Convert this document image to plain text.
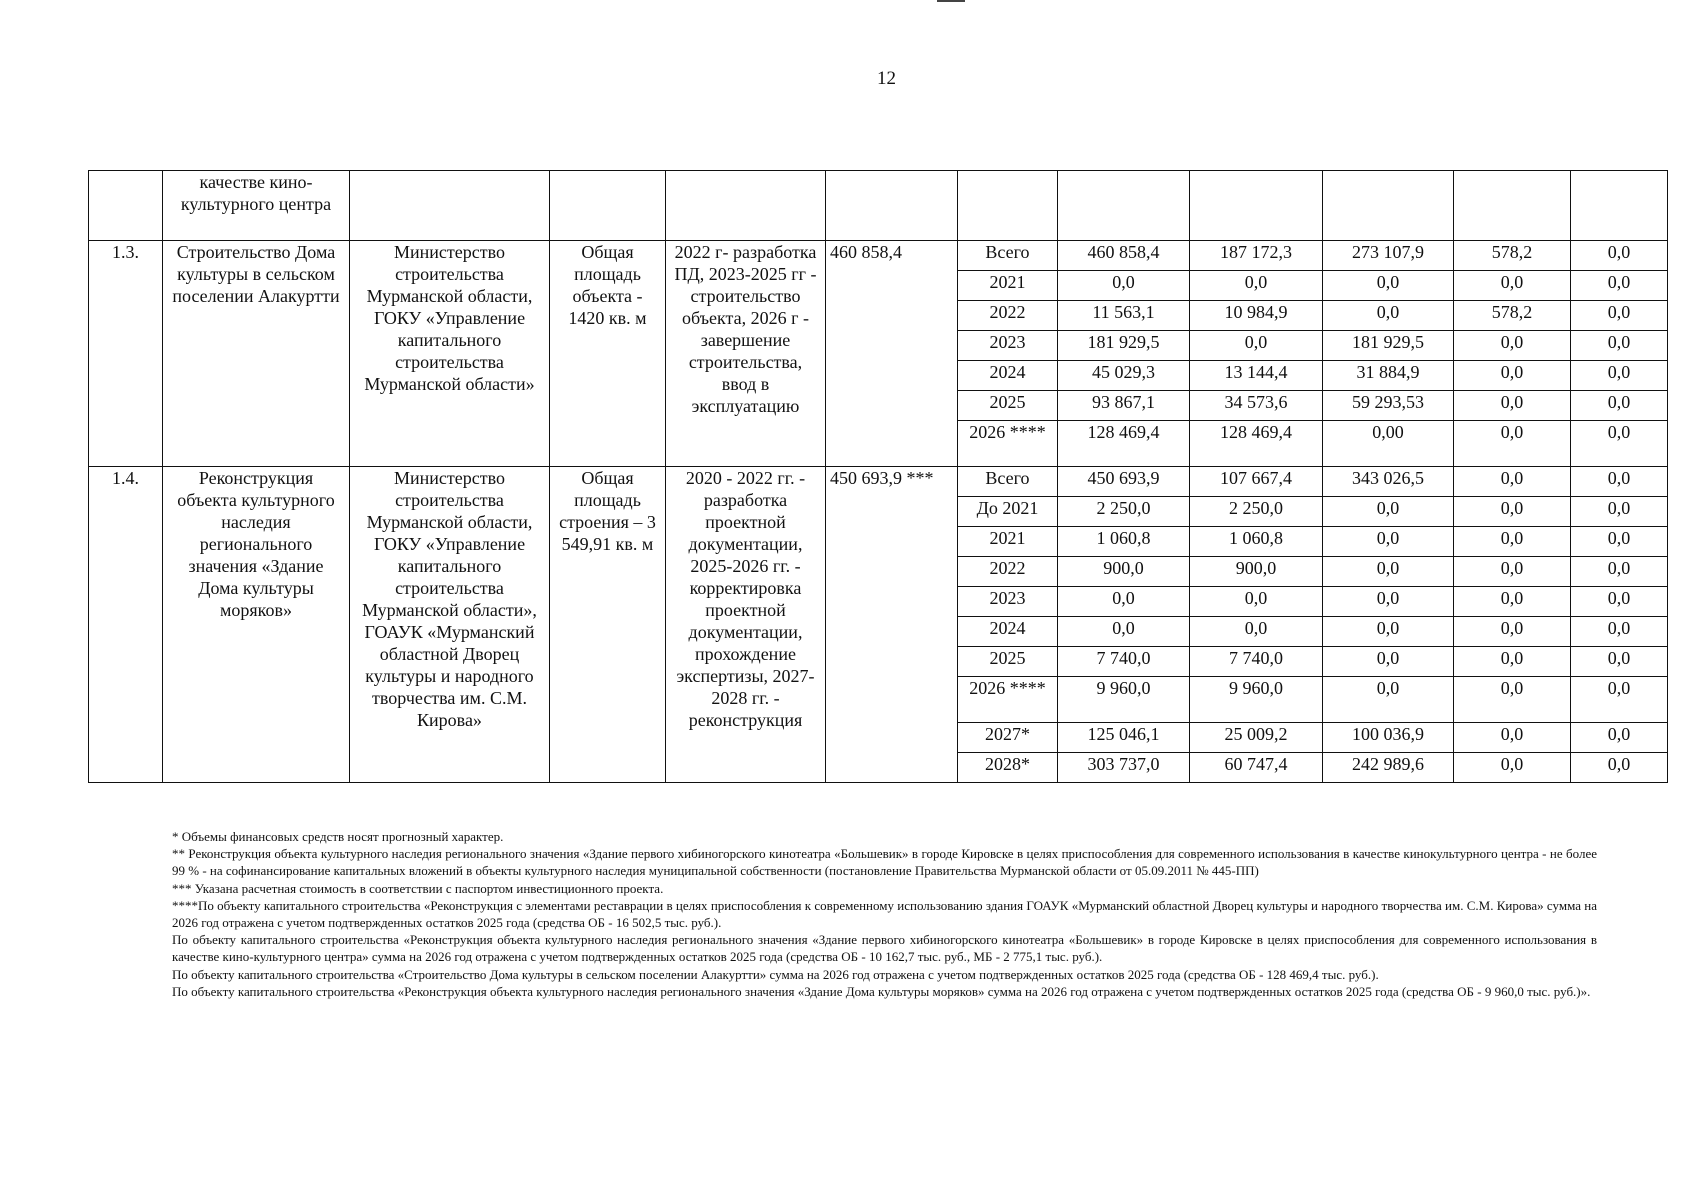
12
	качестве кино-культурного центра										
1.3.	Строительство Дома культуры в сельском поселении Алакуртти	Министерство строительства Мурманской области, ГОКУ «Управление капитального строительства Мурманской области»	Общая площадь объекта - 1420 кв. м	2022 г- разработка ПД, 2023-2025 гг - строительство объекта, 2026 г - завершение строительства, ввод в эксплуатацию	460 858,4	Всего	460 858,4	187 172,3	273 107,9	578,2	0,0
						2021	0,0	0,0	0,0	0,0	0,0
						2022	11 563,1	10 984,9	0,0	578,2	0,0
						2023	181 929,5	0,0	181 929,5	0,0	0,0
						2024	45 029,3	13 144,4	31 884,9	0,0	0,0
						2025	93 867,1	34 573,6	59 293,53	0,0	0,0
						2026 ****	128 469,4	128 469,4	0,00	0,0	0,0
1.4.	Реконструкция объекта культурного наследия регионального значения «Здание Дома культуры моряков»	Министерство строительства Мурманской области, ГОКУ «Управление капитального строительства Мурманской области», ГОАУК «Мурманский областной Дворец культуры и народного творчества им. С.М. Кирова»	Общая площадь строения – 3 549,91 кв. м	2020 - 2022 гг. - разработка проектной документации, 2025-2026 гг. - корректировка проектной документации, прохождение экспертизы, 2027-2028 гг. - реконструкция	450 693,9 ***	Всего	450 693,9	107 667,4	343 026,5	0,0	0,0
						До 2021	2 250,0	2 250,0	0,0	0,0	0,0
						2021	1 060,8	1 060,8	0,0	0,0	0,0
						2022	900,0	900,0	0,0	0,0	0,0
						2023	0,0	0,0	0,0	0,0	0,0
						2024	0,0	0,0	0,0	0,0	0,0
						2025	7 740,0	7 740,0	0,0	0,0	0,0
						2026 ****	9 960,0	9 960,0	0,0	0,0	0,0
						2027*	125 046,1	25 009,2	100 036,9	0,0	0,0
						2028*	303 737,0	60 747,4	242 989,6	0,0	0,0

* Объемы финансовых средств носят прогнозный характер.

** Реконструкция объекта культурного наследия регионального значения «Здание первого хибиногорского кинотеатра «Большевик» в городе Кировске в целях приспособления для современного использования в качестве кинокультурного центра - не более 99 % - на софинансирование капитальных вложений в объекты культурного наследия муниципальной собственности (постановление Правительства Мурманской области от 05.09.2011 № 445-ПП)

*** Указана расчетная стоимость в соответствии с паспортом инвестиционного проекта.

****По объекту капитального строительства «Реконструкция с элементами реставрации в целях приспособления к современному использованию здания ГОАУК «Мурманский областной Дворец культуры и народного творчества им. С.М. Кирова» сумма на 2026 год отражена с учетом подтвержденных остатков 2025 года (средства ОБ - 16 502,5 тыс. руб.).

По объекту капитального строительства «Реконструкция объекта культурного наследия регионального значения «Здание первого хибиногорского кинотеатра «Большевик» в городе Кировске в целях приспособления для современного использования в качестве кино-культурного центра» сумма на 2026 год отражена с учетом подтвержденных остатков 2025 года (средства ОБ - 10 162,7 тыс. руб., МБ - 2 775,1 тыс. руб.).

По объекту капитального строительства «Строительство Дома культуры в сельском поселении Алакуртти» сумма на 2026 год отражена с учетом подтвержденных остатков 2025 года (средства ОБ - 128 469,4 тыс. руб.).

По объекту капитального строительства «Реконструкция объекта культурного наследия регионального значения «Здание Дома культуры моряков» сумма на 2026 год отражена с учетом подтвержденных остатков 2025 года (средства ОБ - 9 960,0 тыс. руб.)».
